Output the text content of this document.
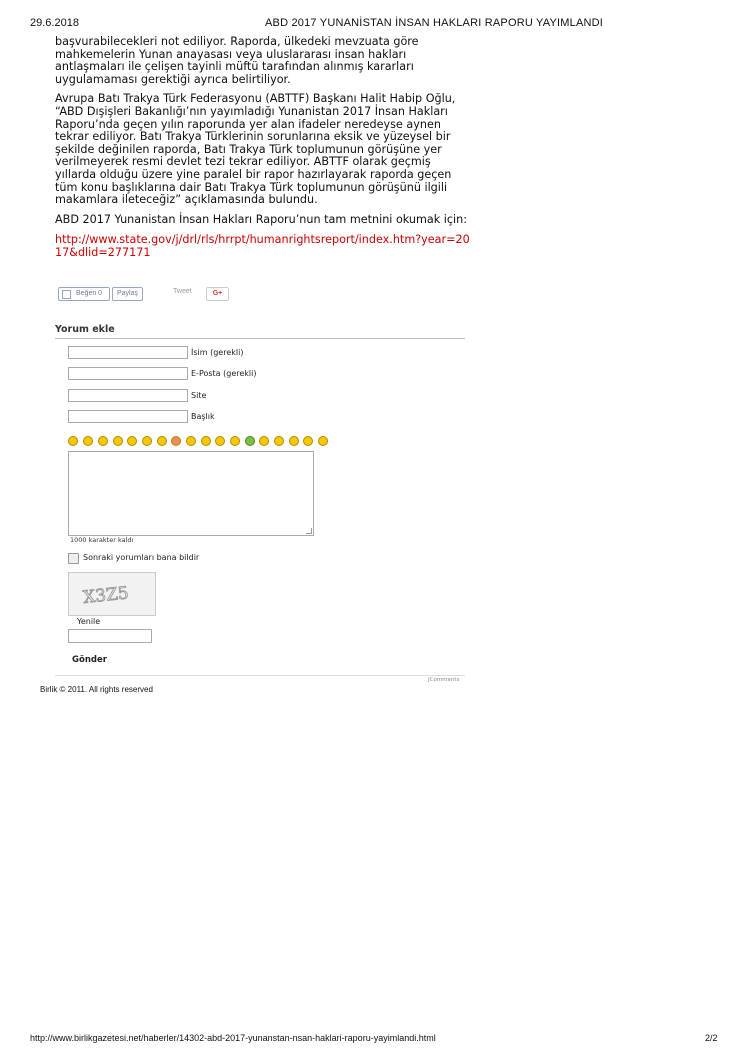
29.6.2018	ABD 2017 YUNANİSTAN İNSAN HAKLARI RAPORU YAYIMLANDI

başvurabilecekleri not ediliyor. Raporda, ülkedeki mevzuata göre mahkemelerin Yunan anayasası veya uluslararası insan hakları antlaşmaları ile çelişen tayinli müftü tarafından alınmış kararları uygulamaması gerektiği ayrıca belirtiliyor.

Avrupa Batı Trakya Türk Federasyonu (ABTTF) Başkanı Halit Habip Oğlu, “ABD Dışişleri Bakanlığı’nın yayımladığı Yunanistan 2017 İnsan Hakları Raporu’nda geçen yılın raporunda yer alan ifadeler neredeyse aynen tekrar ediliyor. Batı Trakya Türklerinin sorunlarına eksik ve yüzeysel bir şekilde değinilen raporda, Batı Trakya Türk toplumunun görüşüne yer verilmeyerek resmi devlet tezi tekrar ediliyor. ABTTF olarak geçmiş yıllarda olduğu üzere yine paralel bir rapor hazırlayarak raporda geçen tüm konu başlıklarına dair Batı Trakya Türk toplumunun görüşünü ilgili makamlara ileteceğiz” açıklamasında bulundu.

ABD 2017 Yunanistan İnsan Hakları Raporu’nun tam metnini okumak için:

http://www.state.gov/j/drl/rls/hrrpt/humanrightsreport/index.htm?year=2017&dlid=277171
Beğen 0	Paylaş	Tweet	G+
Yorum ekle
İsim (gerekli)
E-Posta (gerekli)
Site
Başlık
1000 karakter kaldı
Sonraki yorumları bana bildir
X3Z5
Yenile
Gönder
JComments
Birlik © 2011. All rights reserved
http://www.birlikgazetesi.net/haberler/14302-abd-2017-yunanstan-nsan-haklari-raporu-yayimlandi.html	2/2
